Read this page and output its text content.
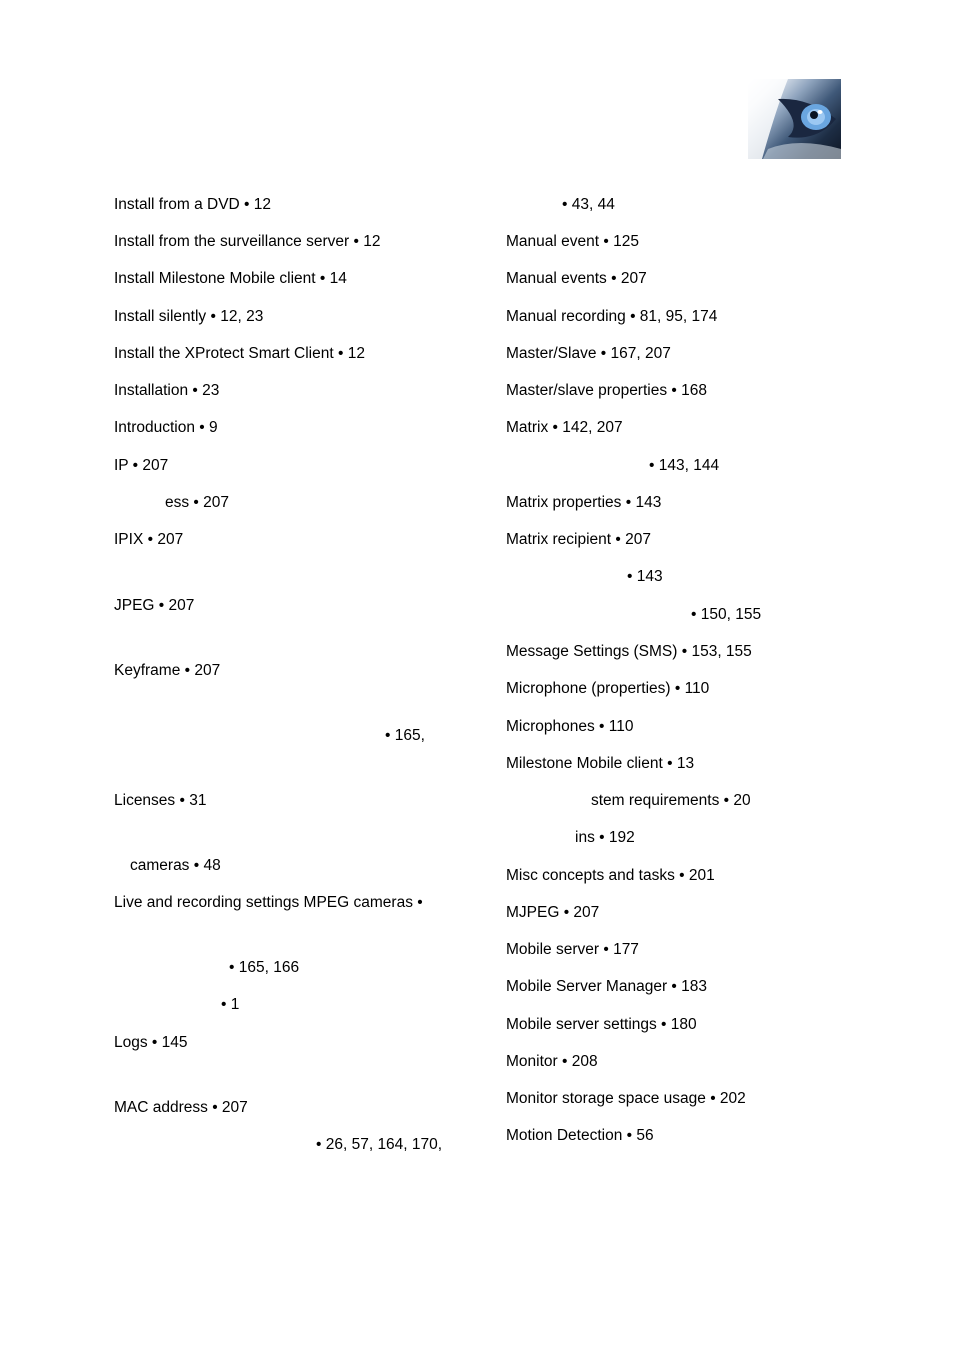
Install from a DVD • 12
Install from the surveillance server • 12
Install Milestone Mobile client • 14
Install silently • 12, 23
Install the XProtect Smart Client • 12
Installation • 23
Introduction • 9
IP • 207
ess • 207
IPIX • 207
JPEG • 207
Keyframe • 207
• 165,
Licenses • 31
cameras • 48
Live and recording settings MPEG cameras •
• 165, 166
• 1
Logs • 145
MAC address • 207
• 26, 57, 164, 170,
• 43, 44
Manual event • 125
Manual events • 207
Manual recording • 81, 95, 174
Master/Slave • 167, 207
Master/slave properties • 168
Matrix • 142, 207
• 143, 144
Matrix properties • 143
Matrix recipient • 207
• 143
• 150, 155
Message Settings (SMS) • 153, 155
Microphone (properties) • 110
Microphones • 110
Milestone Mobile client • 13
stem requirements • 20
ins • 192
Misc concepts and tasks • 201
MJPEG • 207
Mobile server • 177
Mobile Server Manager • 183
Mobile server settings • 180
Monitor • 208
Monitor storage space usage • 202
Motion Detection • 56
